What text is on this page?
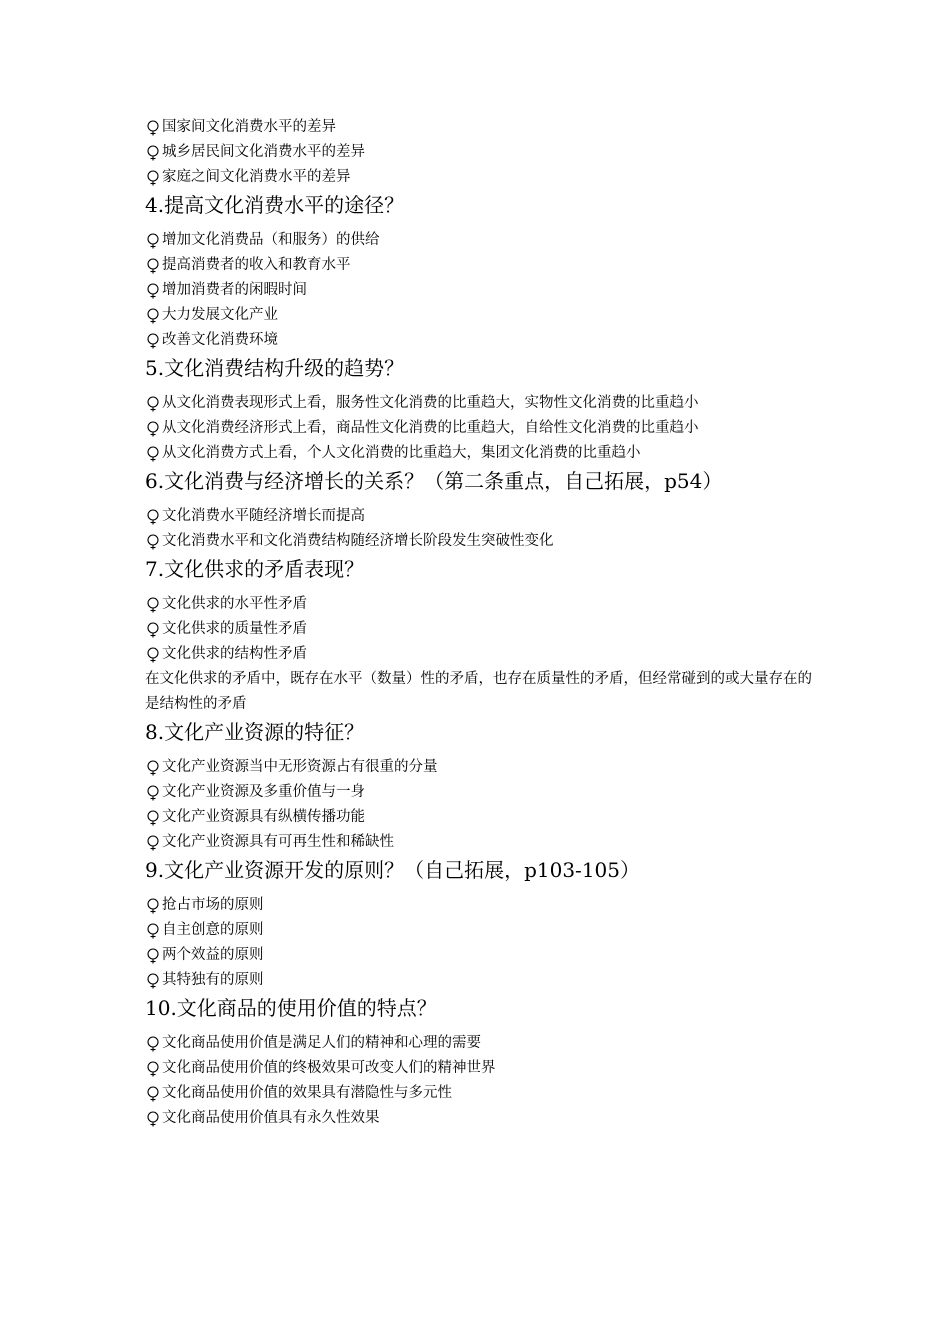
国家间文化消费水平的差异
城乡居民间文化消费水平的差异
家庭之间文化消费水平的差异
4.提高文化消费水平的途径？
增加文化消费品（和服务）的供给
提高消费者的收入和教育水平
增加消费者的闲暇时间
大力发展文化产业
改善文化消费环境
5.文化消费结构升级的趋势？
从文化消费表现形式上看，服务性文化消费的比重趋大，实物性文化消费的比重趋小
从文化消费经济形式上看，商品性文化消费的比重趋大，自给性文化消费的比重趋小
从文化消费方式上看，个人文化消费的比重趋大，集团文化消费的比重趋小
6.文化消费与经济增长的关系？（第二条重点，自己拓展，p54）
文化消费水平随经济增长而提高
文化消费水平和文化消费结构随经济增长阶段发生突破性变化
7.文化供求的矛盾表现？
文化供求的水平性矛盾
文化供求的质量性矛盾
文化供求的结构性矛盾
在文化供求的矛盾中，既存在水平（数量）性的矛盾，也存在质量性的矛盾，但经常碰到的或大量存在的是结构性的矛盾
8.文化产业资源的特征？
文化产业资源当中无形资源占有很重的分量
文化产业资源及多重价值与一身
文化产业资源具有纵横传播功能
文化产业资源具有可再生性和稀缺性
9.文化产业资源开发的原则？（自己拓展，p103-105）
抢占市场的原则
自主创意的原则
两个效益的原则
其特独有的原则
10.文化商品的使用价值的特点？
文化商品使用价值是满足人们的精神和心理的需要
文化商品使用价值的终极效果可改变人们的精神世界
文化商品使用价值的效果具有潜隐性与多元性
文化商品使用价值具有永久性效果
